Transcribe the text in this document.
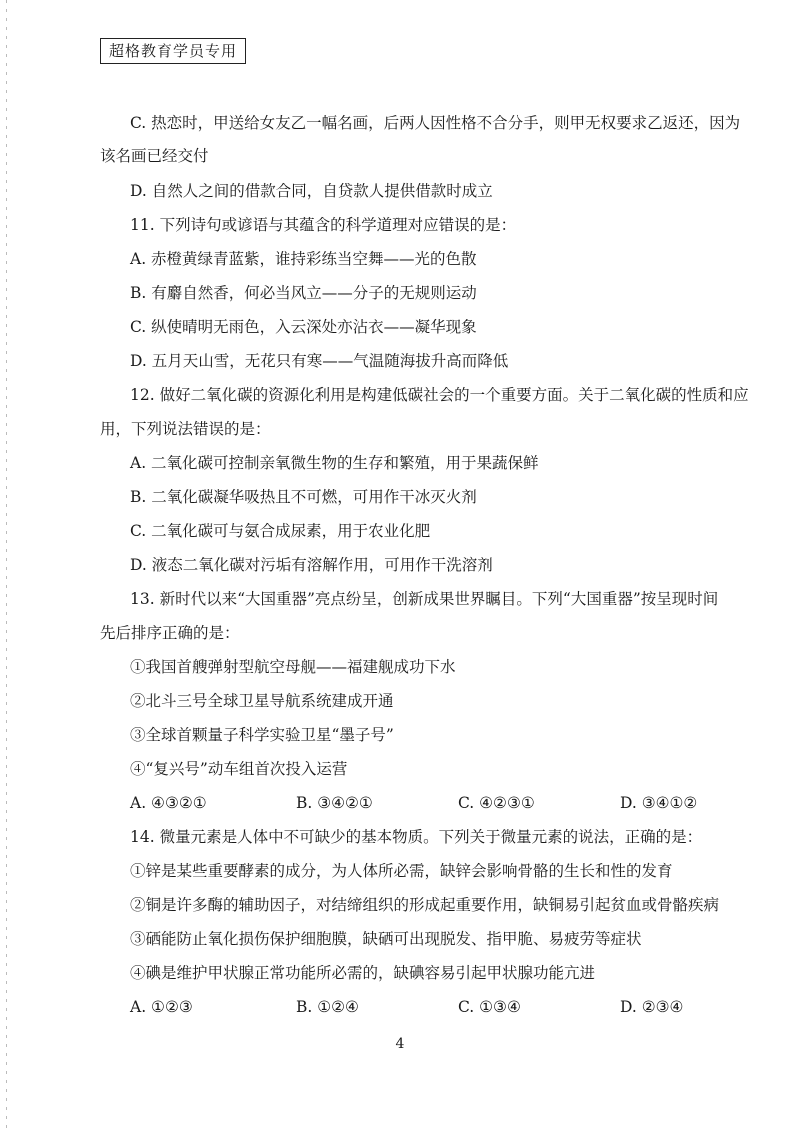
超格教育学员专用
C. 热恋时，甲送给女友乙一幅名画，后两人因性格不合分手，则甲无权要求乙返还，因为
该名画已经交付
D. 自然人之间的借款合同，自贷款人提供借款时成立
11. 下列诗句或谚语与其蕴含的科学道理对应错误的是：
A. 赤橙黄绿青蓝紫，谁持彩练当空舞——光的色散
B. 有麝自然香，何必当风立——分子的无规则运动
C. 纵使晴明无雨色，入云深处亦沾衣——凝华现象
D. 五月天山雪，无花只有寒——气温随海拔升高而降低
12. 做好二氧化碳的资源化利用是构建低碳社会的一个重要方面。关于二氧化碳的性质和应
用，下列说法错误的是：
A. 二氧化碳可控制亲氧微生物的生存和繁殖，用于果蔬保鲜
B. 二氧化碳凝华吸热且不可燃，可用作干冰灭火剂
C. 二氧化碳可与氨合成尿素，用于农业化肥
D. 液态二氧化碳对污垢有溶解作用，可用作干洗溶剂
13. 新时代以来“大国重器”亮点纷呈，创新成果世界瞩目。下列“大国重器”按呈现时间
先后排序正确的是：
①我国首艘弹射型航空母舰——福建舰成功下水
②北斗三号全球卫星导航系统建成开通
③全球首颗量子科学实验卫星“墨子号”
④“复兴号”动车组首次投入运营
A. ④③②①	B. ③④②①	C. ④②③①	D. ③④①②
14. 微量元素是人体中不可缺少的基本物质。下列关于微量元素的说法，正确的是：
①锌是某些重要酵素的成分，为人体所必需，缺锌会影响骨骼的生长和性的发育
②铜是许多酶的辅助因子，对结缔组织的形成起重要作用，缺铜易引起贫血或骨骼疾病
③硒能防止氧化损伤保护细胞膜，缺硒可出现脱发、指甲脆、易疲劳等症状
④碘是维护甲状腺正常功能所必需的，缺碘容易引起甲状腺功能亢进
A. ①②③	B. ①②④	C. ①③④	D. ②③④
4
